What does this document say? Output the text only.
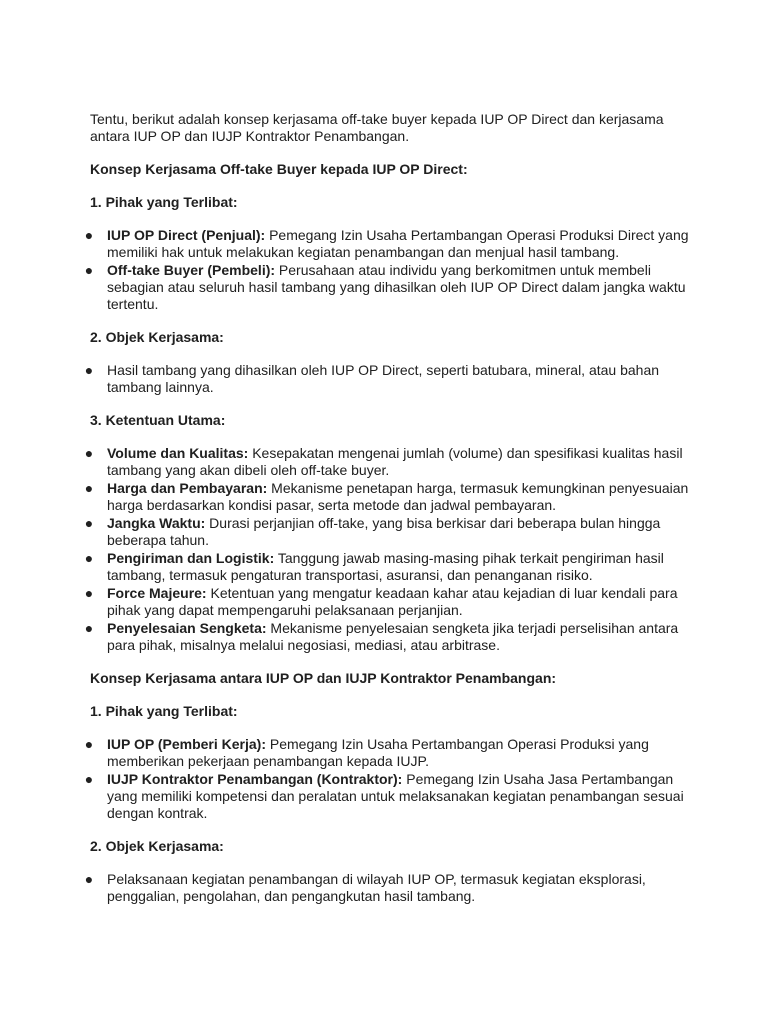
Tentu, berikut adalah konsep kerjasama off-take buyer kepada IUP OP Direct dan kerjasama antara IUP OP dan IUJP Kontraktor Penambangan.

Konsep Kerjasama Off-take Buyer kepada IUP OP Direct:

1. Pihak yang Terlibat:

● IUP OP Direct (Penjual): Pemegang Izin Usaha Pertambangan Operasi Produksi Direct yang memiliki hak untuk melakukan kegiatan penambangan dan menjual hasil tambang.
● Off-take Buyer (Pembeli): Perusahaan atau individu yang berkomitmen untuk membeli sebagian atau seluruh hasil tambang yang dihasilkan oleh IUP OP Direct dalam jangka waktu tertentu.

2. Objek Kerjasama:

● Hasil tambang yang dihasilkan oleh IUP OP Direct, seperti batubara, mineral, atau bahan tambang lainnya.

3. Ketentuan Utama:

● Volume dan Kualitas: Kesepakatan mengenai jumlah (volume) dan spesifikasi kualitas hasil tambang yang akan dibeli oleh off-take buyer.
● Harga dan Pembayaran: Mekanisme penetapan harga, termasuk kemungkinan penyesuaian harga berdasarkan kondisi pasar, serta metode dan jadwal pembayaran.
● Jangka Waktu: Durasi perjanjian off-take, yang bisa berkisar dari beberapa bulan hingga beberapa tahun.
● Pengiriman dan Logistik: Tanggung jawab masing-masing pihak terkait pengiriman hasil tambang, termasuk pengaturan transportasi, asuransi, dan penanganan risiko.
● Force Majeure: Ketentuan yang mengatur keadaan kahar atau kejadian di luar kendali para pihak yang dapat mempengaruhi pelaksanaan perjanjian.
● Penyelesaian Sengketa: Mekanisme penyelesaian sengketa jika terjadi perselisihan antara para pihak, misalnya melalui negosiasi, mediasi, atau arbitrase.

Konsep Kerjasama antara IUP OP dan IUJP Kontraktor Penambangan:

1. Pihak yang Terlibat:

● IUP OP (Pemberi Kerja): Pemegang Izin Usaha Pertambangan Operasi Produksi yang memberikan pekerjaan penambangan kepada IUJP.
● IUJP Kontraktor Penambangan (Kontraktor): Pemegang Izin Usaha Jasa Pertambangan yang memiliki kompetensi dan peralatan untuk melaksanakan kegiatan penambangan sesuai dengan kontrak.

2. Objek Kerjasama:

● Pelaksanaan kegiatan penambangan di wilayah IUP OP, termasuk kegiatan eksplorasi, penggalian, pengolahan, dan pengangkutan hasil tambang.
